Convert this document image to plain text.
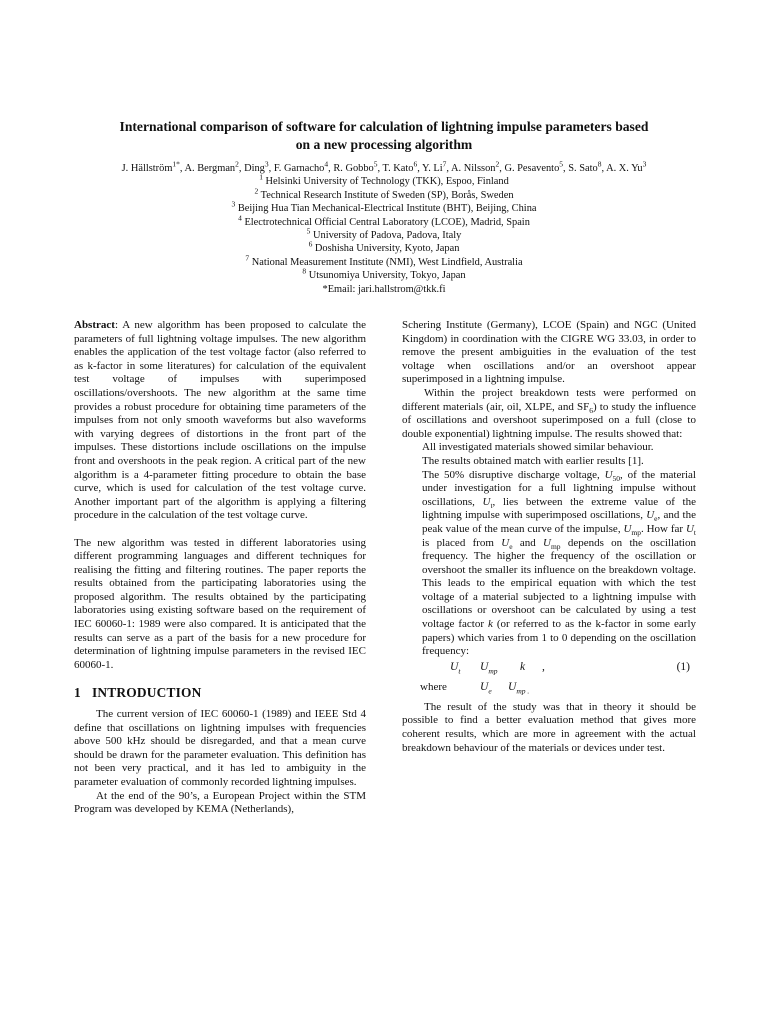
International comparison of software for calculation of lightning impulse parameters based
on a new processing algorithm
J. Hällström$^{1*}$, A. Bergman$^2$, Ding$^3$, F. Garnacho$^4$, R. Gobbo$^5$, T. Kato$^6$, Y. Li$^7$, A. Nilsson$^2$, G. Pesavento$^5$, S. Sato$^8$, A. X. Yu$^3$
$^1$ Helsinki University of Technology (TKK), Espoo, Finland
$^2$ Technical Research Institute of Sweden (SP), Borås, Sweden
$^3$ Beijing Hua Tian Mechanical-Electrical Institute (BHT), Beijing, China
$^4$ Electrotechnical Official Central Laboratory (LCOE), Madrid, Spain
$^5$ University of Padova, Padova, Italy
$^6$ Doshisha University, Kyoto, Japan
$^7$ National Measurement Institute (NMI), West Lindfield, Australia
$^8$ Utsunomiya University, Tokyo, Japan
*Email: jari.hallstrom@tkk.fi

Abstract: A new algorithm has been proposed to calculate the parameters of full lightning voltage impulses. The new algorithm enables the application of the test voltage factor (also referred to as k-factor in some literatures) for calculation of the equivalent test voltage of impulses with superimposed oscillations/overshoots. The new algorithm at the same time provides a robust procedure for obtaining time parameters of the impulses from not only smooth waveforms but also waveforms with varying degrees of distortions in the front part of the impulses. These distortions include oscillations on the impulse front and overshoots in the peak region. A critical part of the new algorithm is a 4-parameter fitting procedure to obtain the base curve, which is used for calculation of the test voltage curve. Another important part of the algorithm is applying a filtering procedure in the calculation of the test voltage curve.

The new algorithm was tested in different laboratories using different programming languages and different techniques for realising the fitting and filtering routines. The paper reports the results obtained from the participating laboratories using the proposed algorithm. The results obtained by the participating laboratories using existing software based on the requirement of IEC 60060-1: 1989 were also compared. It is anticipated that the results can serve as a part of the basis for a new procedure for determination of lightning impulse parameters in the revised IEC 60060-1.

1 INTRODUCTION

The current version of IEC 60060-1 (1989) and IEEE Std 4 define that oscillations on lightning impulses with frequencies above 500 kHz should be disregarded, and that a mean curve should be drawn for the parameter evaluation. This definition has not been very practical, and it has led to ambiguity in the parameter evaluation of commonly recorded lightning impulses.

At the end of the 90’s, a European Project within the STM Program was developed by KEMA (Netherlands),

Schering Institute (Germany), LCOE (Spain) and NGC (United Kingdom) in coordination with the CIGRE WG 33.03, in order to remove the present ambiguities in the evaluation of the test voltage when oscillations and/or an overshoot appear superimposed in a lightning impulse.

Within the project breakdown tests were performed on different materials (air, oil, XLPE, and $SF_6$) to study the influence of oscillations and overshoot superimposed on a full (close to double exponential) lightning impulse. The results showed that:

All investigated materials showed similar behaviour.

The results obtained match with earlier results [1].

The 50% disruptive discharge voltage, $U_{50}$, of the material under investigation for a full lightning impulse without oscillations, $U_t$, lies between the extreme value of the lightning impulse with superimposed oscillations, $U_e$, and the peak value of the mean curve of the impulse, $U_{mp}$. How far $U_t$ is placed from $U_e$ and $U_{mp}$ depends on the oscillation frequency. The higher the frequency of the oscillation or overshoot the smaller its influence on the breakdown voltage. This leads to the empirical equation with which the test voltage of a material subjected to a lightning impulse with oscillations or overshoot can be calculated by using a test voltage factor k (or referred to as the k-factor in some early papers) which varies from 1 to 0 depending on the oscillation frequency:

$U_t$ $U_{mp}$ k ,	(1)
where	$U_e$ $U_{mp .}$

The result of the study was that in theory it should be possible to find a better evaluation method that gives more coherent results, which are more in agreement with the actual breakdown behaviour of the materials or devices under test.
